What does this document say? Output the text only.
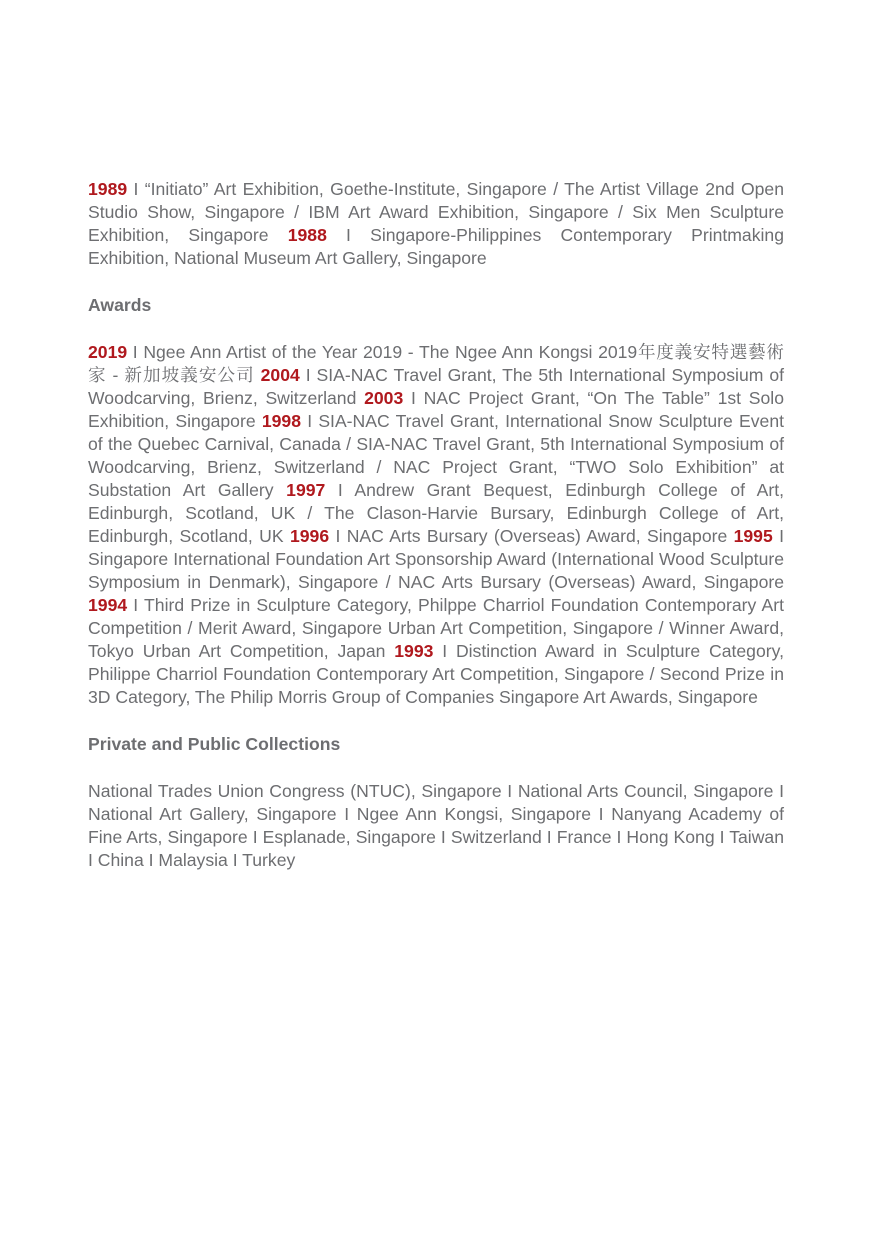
1989 I “Initiato” Art Exhibition, Goethe-Institute, Singapore / The Artist Village 2nd Open Studio Show, Singapore / IBM Art Award Exhibition, Singapore / Six Men Sculpture Exhibition, Singapore 1988 I Singapore-Philippines Contemporary Printmaking Exhibition, National Museum Art Gallery, Singapore

Awards

2019 I Ngee Ann Artist of the Year 2019 - The Ngee Ann Kongsi 2019年度義安特選藝術家 - 新加坡義安公司 2004 I SIA-NAC Travel Grant, The 5th International Symposium of Woodcarving, Brienz, Switzerland 2003 I NAC Project Grant, “On The Table” 1st Solo Exhibition, Singapore 1998 I SIA-NAC Travel Grant, International Snow Sculpture Event of the Quebec Carnival, Canada / SIA-NAC Travel Grant, 5th International Symposium of Woodcarving, Brienz, Switzerland / NAC Project Grant, “TWO Solo Exhibition” at Substation Art Gallery 1997 I Andrew Grant Bequest, Edinburgh College of Art, Edinburgh, Scotland, UK / The Clason-Harvie Bursary, Edinburgh College of Art, Edinburgh, Scotland, UK 1996 I NAC Arts Bursary (Overseas) Award, Singapore 1995 I Singapore International Foundation Art Sponsorship Award (International Wood Sculpture Symposium in Denmark), Singapore / NAC Arts Bursary (Overseas) Award, Singapore 1994 I Third Prize in Sculpture Category, Philppe Charriol Foundation Contemporary Art Competition / Merit Award, Singapore Urban Art Competition, Singapore / Winner Award, Tokyo Urban Art Competition, Japan 1993 I Distinction Award in Sculpture Category, Philippe Charriol Foundation Contemporary Art Competition, Singapore / Second Prize in 3D Category, The Philip Morris Group of Companies Singapore Art Awards, Singapore

Private and Public Collections

National Trades Union Congress (NTUC), Singapore I National Arts Council, Singapore I National Art Gallery, Singapore I Ngee Ann Kongsi, Singapore I Nanyang Academy of Fine Arts, Singapore I Esplanade, Singapore I Switzerland I France I Hong Kong I Taiwan I China I Malaysia I Turkey
